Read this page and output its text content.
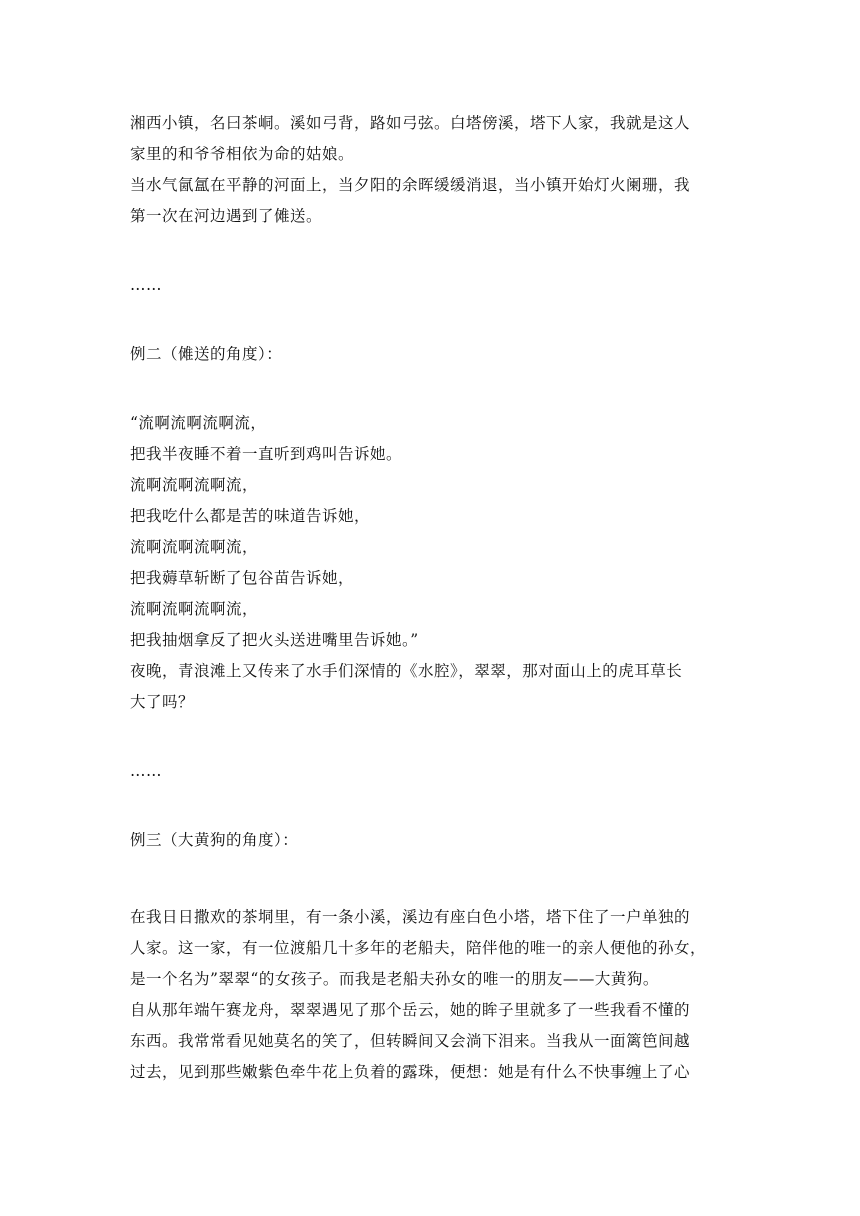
湘西小镇，名曰茶峒。溪如弓背，路如弓弦。白塔傍溪，塔下人家，我就是这人
家里的和爷爷相依为命的姑娘。
当水气氤氲在平静的河面上，当夕阳的余晖缓缓消退，当小镇开始灯火阑珊，我
第一次在河边遇到了傩送。
……
例二（傩送的角度）：
“流啊流啊流啊流，
把我半夜睡不着一直听到鸡叫告诉她。
流啊流啊流啊流，
把我吃什么都是苦的味道告诉她，
流啊流啊流啊流，
把我薅草斩断了包谷苗告诉她，
流啊流啊流啊流，
把我抽烟拿反了把火头送进嘴里告诉她。”
夜晚，青浪滩上又传来了水手们深情的《水腔》，翠翠，那对面山上的虎耳草长
大了吗？
……
例三（大黄狗的角度）：
在我日日撒欢的茶垌里，有一条小溪，溪边有座白色小塔，塔下住了一户单独的
人家。这一家，有一位渡船几十多年的老船夫，陪伴他的唯一的亲人便他的孙女，
是一个名为”翠翠“的女孩子。而我是老船夫孙女的唯一的朋友——大黄狗。
自从那年端午赛龙舟，翠翠遇见了那个岳云，她的眸子里就多了一些我看不懂的
东西。我常常看见她莫名的笑了，但转瞬间又会淌下泪来。当我从一面篱笆间越
过去，见到那些嫩紫色牵牛花上负着的露珠，便想：她是有什么不快事缠上了心
